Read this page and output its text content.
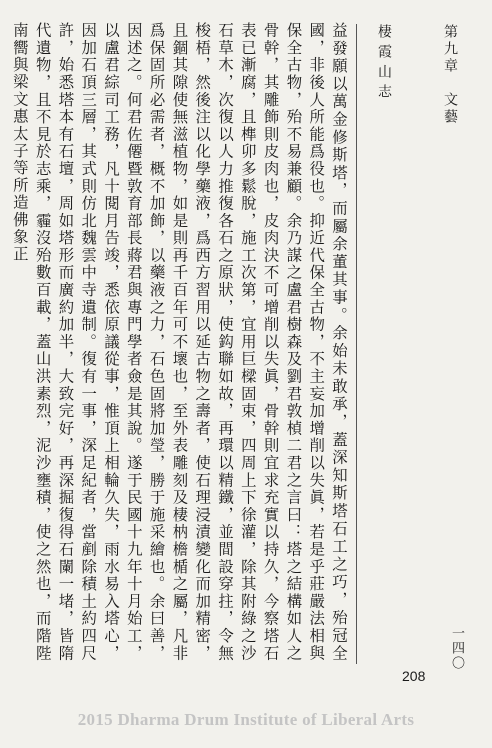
棲霞山志	第九章
文藝
益發願以萬金修斯塔，而屬余董其事。余始未敢承，蓋深知斯塔石工之巧，殆冠全國，非後人所能爲役也。抑近代保全古物，不主妄加增削以失眞，若是乎莊嚴法相與保全古物，殆不易兼顧。余乃謀之盧君樹森及劉君敦楨二君之言曰：塔之結構如人之骨幹，其雕飾則皮肉也，皮肉決不可增削以失眞，骨幹則宜求充實以持久，今察塔石表已漸腐，且榫卯多鬆脫，施工次第，宜用巨樑固束，四周上下徐灌，除其附綠之沙石草木，次復以人力推復各石之原狀，使鈎聯如故，再環以精鐵，並間設穿拄，令無梭梧，然後注以化學藥液，爲西方習用以延古物之壽者，使石理浸漬變化而加精密，且錮其隙使無滋植物，如是則再千百年可不壞也，至外表雕刻及棲枘檐楯之屬，凡非爲保固所必需者，概不加飾，以藥液之力，石色固將加瑩，勝于施采繪也。余曰善，因述之。何君佐僊暨敦育部長蔣君與專門學者僉是其說。遂于民國十九年十月始工，以盧君綜司工務，凡十閱月告竣，悉依原議從事，惟頂上相輪久失，雨水易入塔心，因加石頂三層，其式則仿北魏雲中寺遺制。復有一事，深足紀者，當剷除積土約四尺許，始悉塔本有石壇，周如塔形而廣約加半，大致完好，再深掘復得石闌一堵，皆隋代遺物，且不見於志乘，霾沒殆數百載，蓋山洪素烈，泥沙壅積，使之然也，而階陛南嚮與梁文惠太子等所造佛象正
一四〇
208
2015 Dharma Drum Institute of Liberal Arts
